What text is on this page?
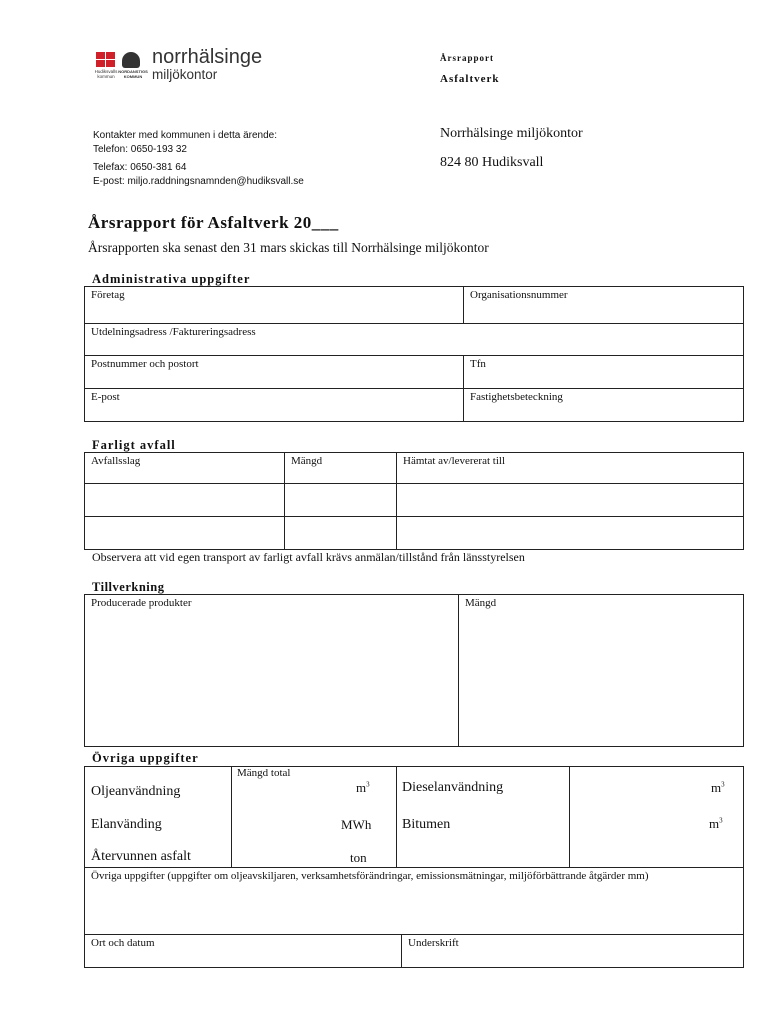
Hudiksvalls kommun
NORDANSTIGS KOMMUN
norrhälsinge
miljökontor
Årsrapport
Asfaltverk
Kontakter med kommunen i detta ärende:
Telefon: 0650-193 32
Telefax: 0650-381 64
E-post: miljo.raddningsnamnden@hudiksvall.se
Norrhälsinge miljökontor
824 80 Hudiksvall
Årsrapport för Asfaltverk 20___
Årsrapporten ska senast den 31 mars skickas till Norrhälsinge miljökontor
Administrativa uppgifter
Företag	Organisationsnummer
Utdelningsadress /Faktureringsadress
Postnummer och postort	Tfn
E-post	Fastighetsbeteckning
Farligt avfall
Avfallsslag	Mängd	Hämtat av/levererat till
Observera att vid egen transport av farligt avfall krävs anmälan/tillstånd från länsstyrelsen
Tillverkning
Producerade produkter	Mängd
Övriga uppgifter
Mängd total
Oljeanvändning	$m^3$ Dieselanvändning	$m^3$
Elanvänding	MWh Bitumen	$m^3$
Återvunnen asfalt	ton
Övriga uppgifter (uppgifter om oljeavskiljaren, verksamhetsförändringar, emissionsmätningar, miljöförbättrande åtgärder mm)
Ort och datum	Underskrift
